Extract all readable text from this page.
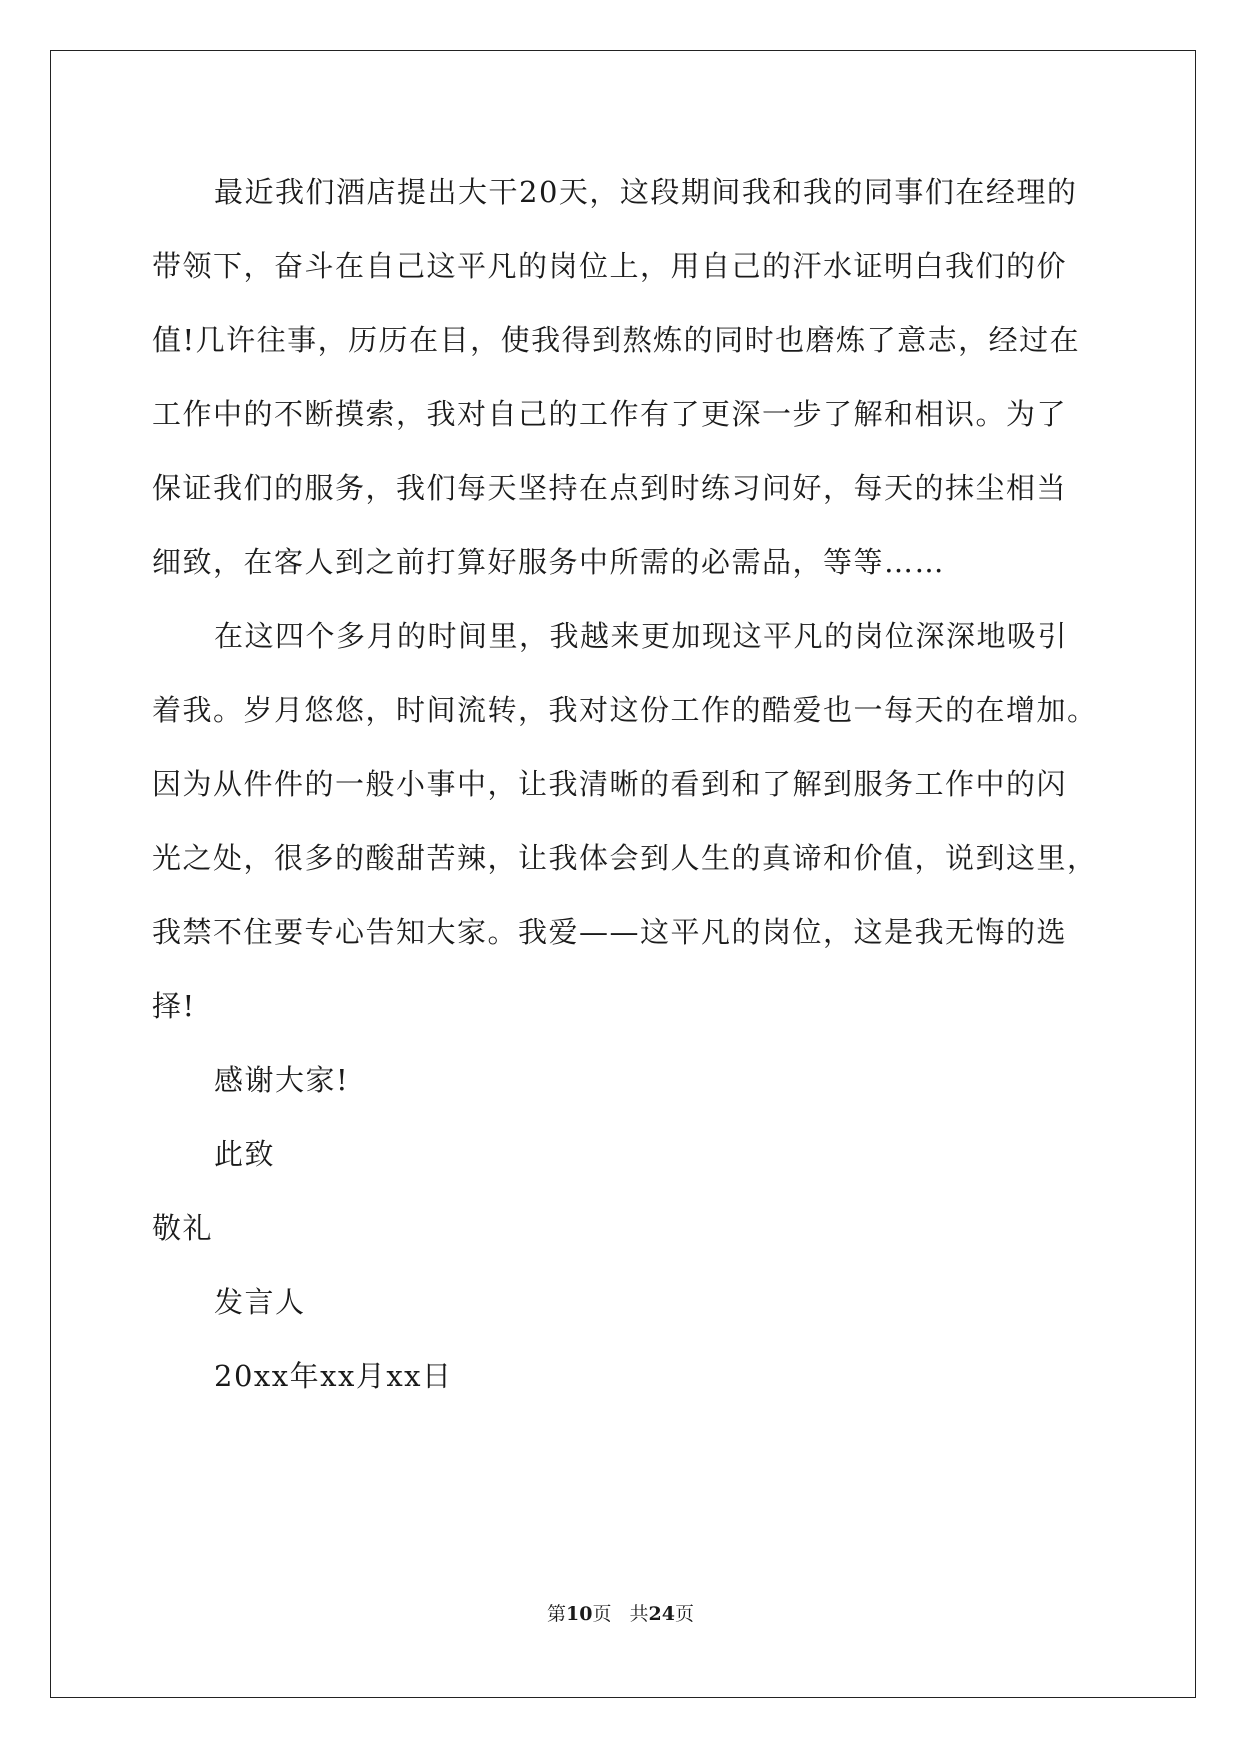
最近我们酒店提出大干20天，这段期间我和我的同事们在经理的
带领下，奋斗在自己这平凡的岗位上，用自己的汗水证明白我们的价
值!几许往事，历历在目，使我得到熬炼的同时也磨炼了意志，经过在
工作中的不断摸索，我对自己的工作有了更深一步了解和相识。为了
保证我们的服务，我们每天坚持在点到时练习问好，每天的抹尘相当
细致，在客人到之前打算好服务中所需的必需品，等等……
在这四个多月的时间里，我越来更加现这平凡的岗位深深地吸引
着我。岁月悠悠，时间流转，我对这份工作的酷爱也一每天的在增加。
因为从件件的一般小事中，让我清晰的看到和了解到服务工作中的闪
光之处，很多的酸甜苦辣，让我体会到人生的真谛和价值，说到这里，
我禁不住要专心告知大家。我爱——这平凡的岗位，这是我无悔的选
择!
感谢大家!
此致
敬礼
发言人
20xx年xx月xx日
第10页 共24页
